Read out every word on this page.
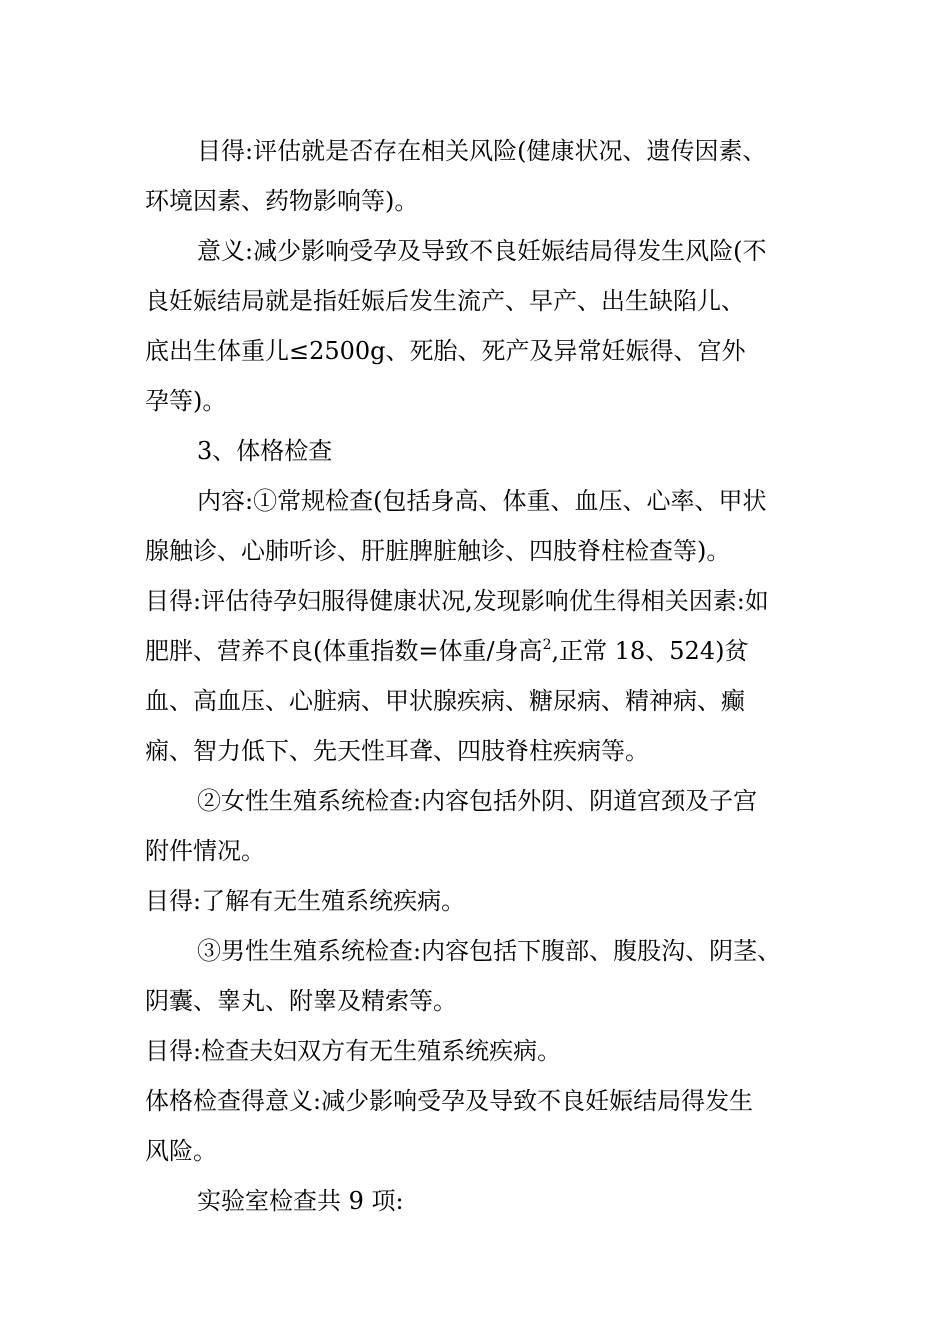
目得:评估就是否存在相关风险(健康状况、遗传因素、
环境因素、药物影响等)。
意义:减少影响受孕及导致不良妊娠结局得发生风险(不
良妊娠结局就是指妊娠后发生流产、早产、出生缺陷儿、
底出生体重儿≤2500g、死胎、死产及异常妊娠得、宫外
孕等)。
3、体格检查
内容:①常规检查(包括身高、体重、血压、心率、甲状
腺触诊、心肺听诊、肝脏脾脏触诊、四肢脊柱检查等)。
目得:评估待孕妇服得健康状况,发现影响优生得相关因素:如
肥胖、营养不良(体重指数=体重/身高$^2$,正常 18、524)贫
血、高血压、心脏病、甲状腺疾病、糖尿病、精神病、癫
痫、智力低下、先天性耳聋、四肢脊柱疾病等。
②女性生殖系统检查:内容包括外阴、阴道宫颈及子宫
附件情况。
目得:了解有无生殖系统疾病。
③男性生殖系统检查:内容包括下腹部、腹股沟、阴茎、
阴囊、睾丸、附睾及精索等。
目得:检查夫妇双方有无生殖系统疾病。
体格检查得意义:减少影响受孕及导致不良妊娠结局得发生
风险。
实验室检查共 9 项:
